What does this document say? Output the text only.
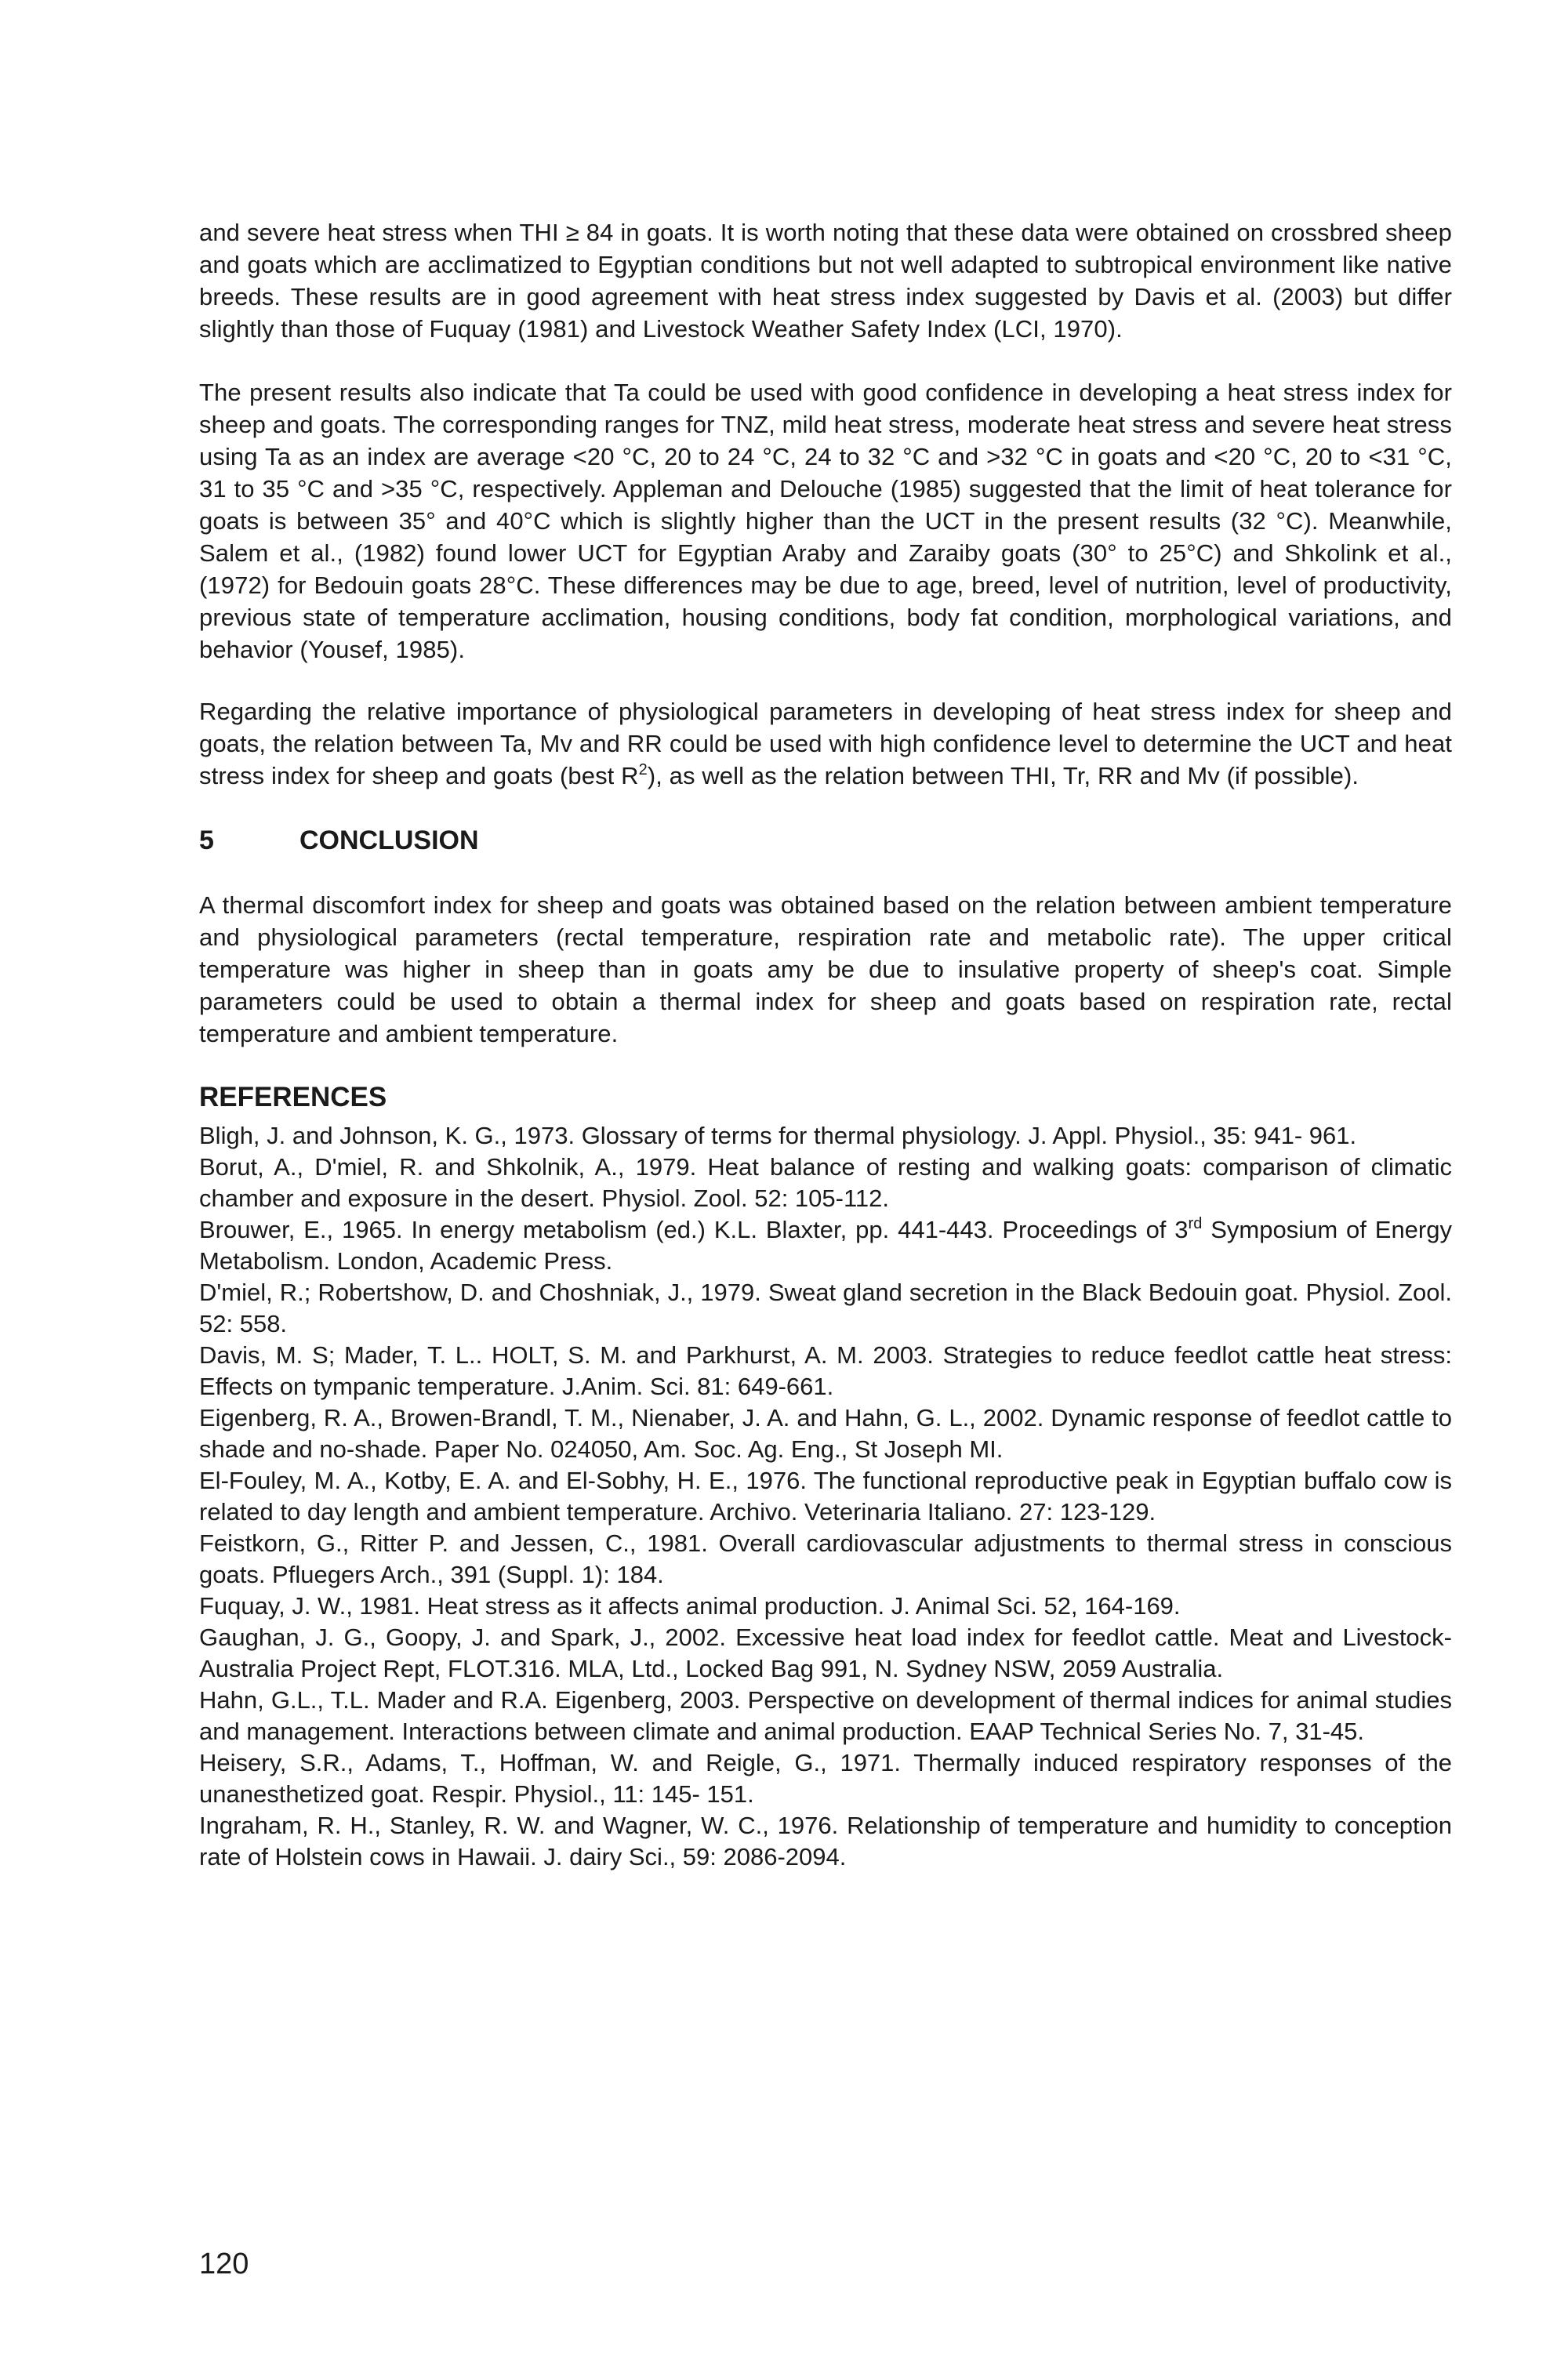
and severe heat stress when THI ≥ 84 in goats. It is worth noting that these data were obtained on crossbred sheep and goats which are acclimatized to Egyptian conditions but not well adapted to subtropical environment like native breeds. These results are in good agreement with heat stress index suggested by Davis et al. (2003) but differ slightly than those of Fuquay (1981) and Livestock Weather Safety Index (LCI, 1970).

The present results also indicate that Ta could be used with good confidence in developing a heat stress index for sheep and goats. The corresponding ranges for TNZ, mild heat stress, moderate heat stress and severe heat stress using Ta as an index are average <20 °C, 20 to 24 °C, 24 to 32 °C and >32 °C in goats and <20 °C, 20 to <31 °C, 31 to 35 °C and >35 °C, respectively. Appleman and Delouche (1985) suggested that the limit of heat tolerance for goats is between 35° and 40°C which is slightly higher than the UCT in the present results (32 °C). Meanwhile, Salem et al., (1982) found lower UCT for Egyptian Araby and Zaraiby goats (30° to 25°C) and Shkolink et al., (1972) for Bedouin goats 28°C. These differences may be due to age, breed, level of nutrition, level of productivity, previous state of temperature acclimation, housing conditions, body fat condition, morphological variations, and behavior (Yousef, 1985).

Regarding the relative importance of physiological parameters in developing of heat stress index for sheep and goats, the relation between Ta, Mv and RR could be used with high confidence level to determine the UCT and heat stress index for sheep and goats (best $R^2$), as well as the relation between THI, Tr, RR and Mv (if possible).

5	CONCLUSION

A thermal discomfort index for sheep and goats was obtained based on the relation between ambient temperature and physiological parameters (rectal temperature, respiration rate and metabolic rate). The upper critical temperature was higher in sheep than in goats amy be due to insulative property of sheep's coat. Simple parameters could be used to obtain a thermal index for sheep and goats based on respiration rate, rectal temperature and ambient temperature.

REFERENCES

Bligh, J. and Johnson, K. G., 1973. Glossary of terms for thermal physiology. J. Appl. Physiol., 35: 941- 961.

Borut, A., D'miel, R. and Shkolnik, A., 1979. Heat balance of resting and walking goats: comparison of climatic chamber and exposure in the desert. Physiol. Zool. 52: 105-112.

Brouwer, E., 1965. In energy metabolism (ed.) K.L. Blaxter, pp. 441-443. Proceedings of 3rd Symposium of Energy Metabolism. London, Academic Press.

D'miel, R.; Robertshow, D. and Choshniak, J., 1979. Sweat gland secretion in the Black Bedouin goat. Physiol. Zool. 52: 558.

Davis, M. S; Mader, T. L.. HOLT, S. M. and Parkhurst, A. M. 2003. Strategies to reduce feedlot cattle heat stress: Effects on tympanic temperature. J.Anim. Sci. 81: 649-661.

Eigenberg, R. A., Browen-Brandl, T. M., Nienaber, J. A. and Hahn, G. L., 2002. Dynamic response of feedlot cattle to shade and no-shade. Paper No. 024050, Am. Soc. Ag. Eng., St Joseph MI.

El-Fouley, M. A., Kotby, E. A. and El-Sobhy, H. E., 1976. The functional reproductive peak in Egyptian buffalo cow is related to day length and ambient temperature. Archivo. Veterinaria Italiano. 27: 123-129.

Feistkorn, G., Ritter P. and Jessen, C., 1981. Overall cardiovascular adjustments to thermal stress in conscious goats. Pfluegers Arch., 391 (Suppl. 1): 184.

Fuquay, J. W., 1981. Heat stress as it affects animal production. J. Animal Sci. 52, 164-169.

Gaughan, J. G., Goopy, J. and Spark, J., 2002. Excessive heat load index for feedlot cattle. Meat and Livestock-Australia Project Rept, FLOT.316. MLA, Ltd., Locked Bag 991, N. Sydney NSW, 2059 Australia.

Hahn, G.L., T.L. Mader and R.A. Eigenberg, 2003. Perspective on development of thermal indices for animal studies and management. Interactions between climate and animal production. EAAP Technical Series No. 7, 31-45.

Heisery, S.R., Adams, T., Hoffman, W. and Reigle, G., 1971. Thermally induced respiratory responses of the unanesthetized goat. Respir. Physiol., 11: 145- 151.

Ingraham, R. H., Stanley, R. W. and Wagner, W. C., 1976. Relationship of temperature and humidity to conception rate of Holstein cows in Hawaii. J. dairy Sci., 59: 2086-2094.

120
